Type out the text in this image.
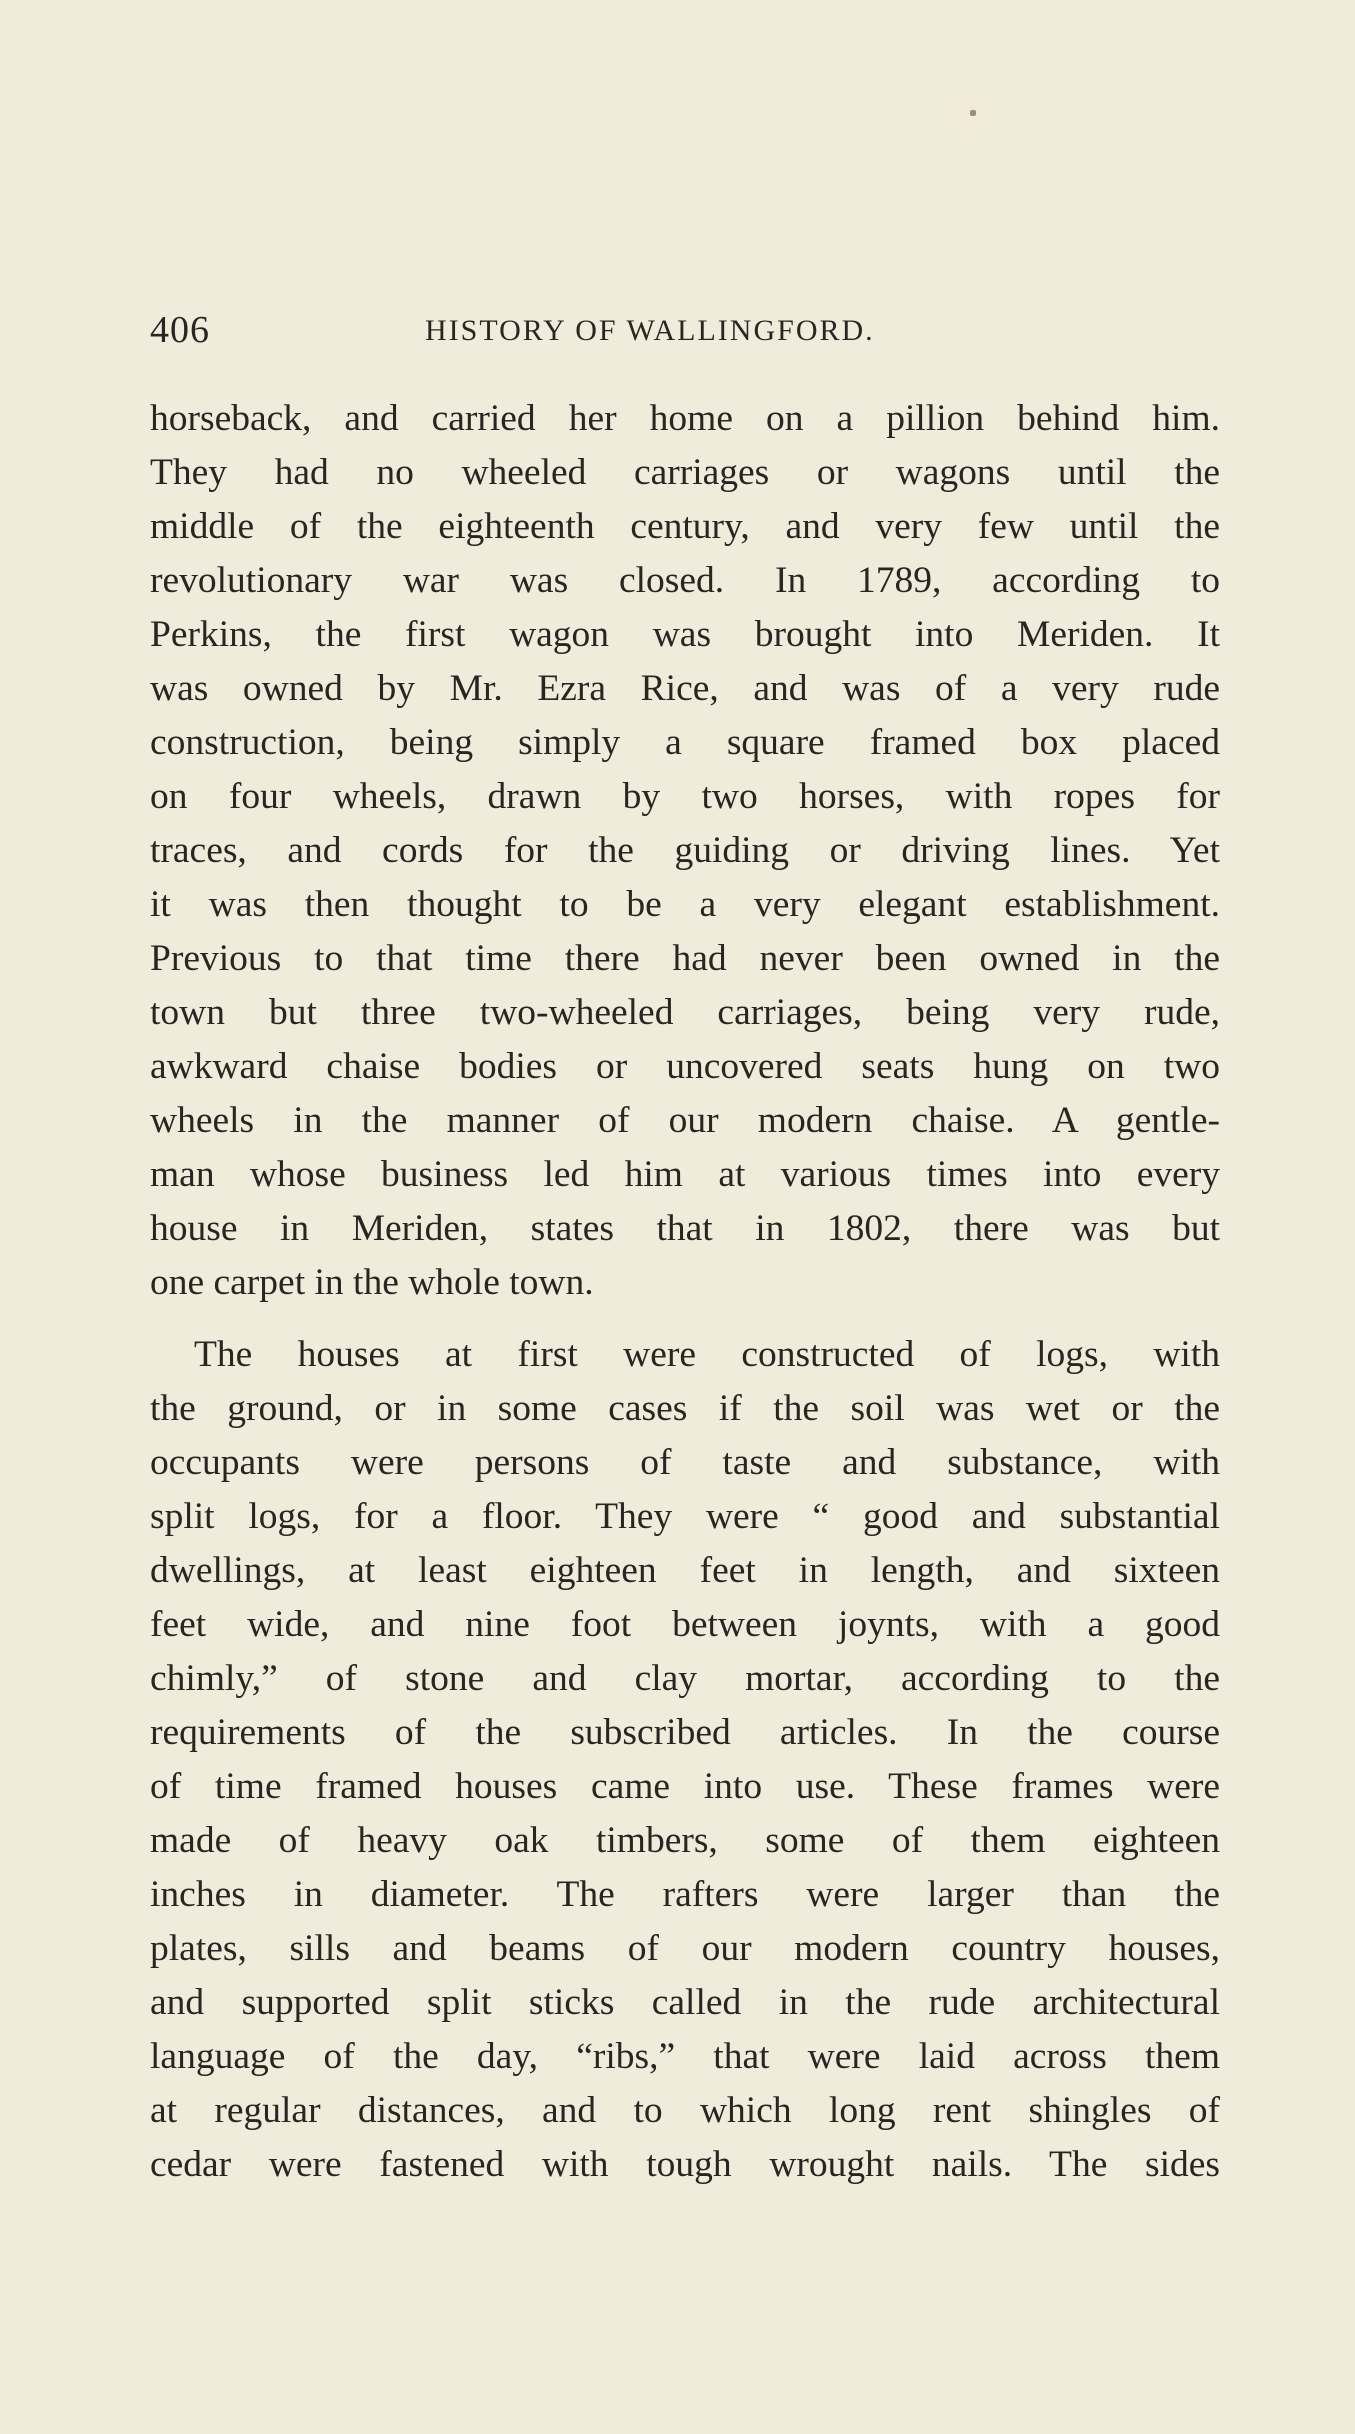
406	HISTORY OF WALLINGFORD.
horseback, and carried her home on a pillion behind him.
They had no wheeled carriages or wagons until the
middle of the eighteenth century, and very few until the
revolutionary war was closed. In 1789, according to
Perkins, the first wagon was brought into Meriden. It
was owned by Mr. Ezra Rice, and was of a very rude
construction, being simply a square framed box placed
on four wheels, drawn by two horses, with ropes for
traces, and cords for the guiding or driving lines. Yet
it was then thought to be a very elegant establishment.
Previous to that time there had never been owned in the
town but three two-wheeled carriages, being very rude,
awkward chaise bodies or uncovered seats hung on two
wheels in the manner of our modern chaise. A gentle-
man whose business led him at various times into every
house in Meriden, states that in 1802, there was but
one carpet in the whole town.
The houses at first were constructed of logs, with
the ground, or in some cases if the soil was wet or the
occupants were persons of taste and substance, with
split logs, for a floor. They were “ good and substantial
dwellings, at least eighteen feet in length, and sixteen
feet wide, and nine foot between joynts, with a good
chimly,” of stone and clay mortar, according to the
requirements of the subscribed articles. In the course
of time framed houses came into use. These frames were
made of heavy oak timbers, some of them eighteen
inches in diameter. The rafters were larger than the
plates, sills and beams of our modern country houses,
and supported split sticks called in the rude architectural
language of the day, “ribs,” that were laid across them
at regular distances, and to which long rent shingles of
cedar were fastened with tough wrought nails. The sides
